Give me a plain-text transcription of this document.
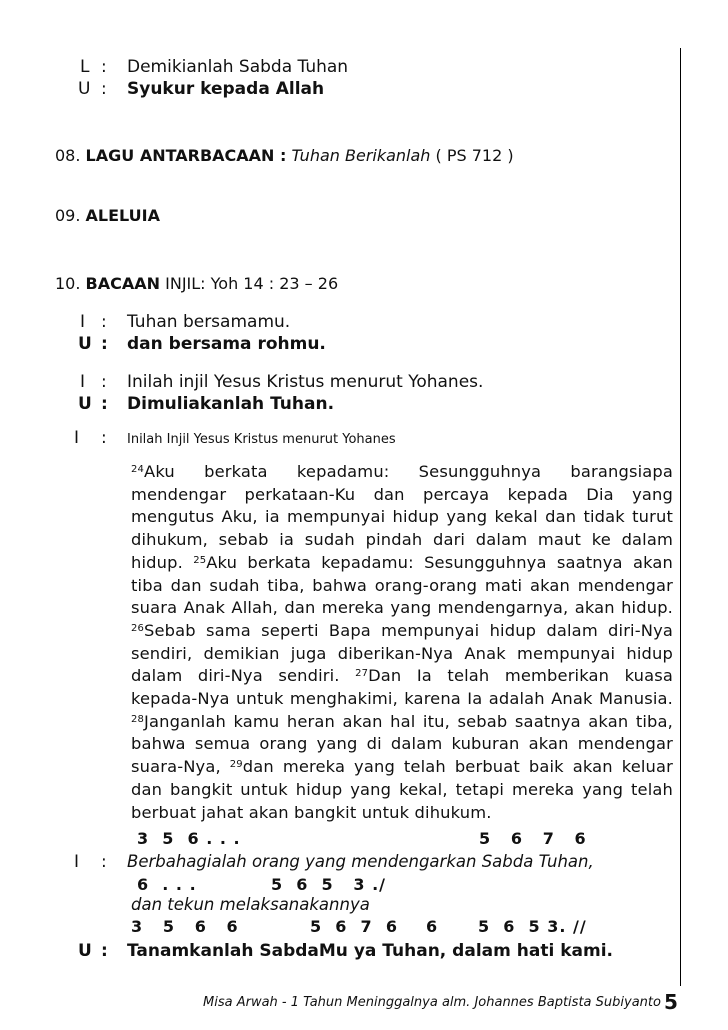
L : Demikianlah Sabda Tuhan
U : Syukur kepada Allah
08. LAGU ANTARBACAAN : Tuhan Berikanlah ( PS 712 )
09. ALELUIA
10. BACAAN INJIL: Yoh 14 : 23 – 26
I : Tuhan bersamamu.
U : dan bersama rohmu.
I : Inilah injil Yesus Kristus menurut Yohanes.
U : Dimuliakanlah Tuhan.
I : Inilah Injil Yesus Kristus menurut Yohanes
$^{24}$Aku berkata kepadamu: Sesungguhnya barangsiapa mendengar perkataan-Ku dan percaya kepada Dia yang mengutus Aku, ia mempunyai hidup yang kekal dan tidak turut dihukum, sebab ia sudah pindah dari dalam maut ke dalam hidup. $^{25}$Aku berkata kepadamu: Sesungguhnya saatnya akan tiba dan sudah tiba, bahwa orang-orang mati akan mendengar suara Anak Allah, dan mereka yang mendengarnya, akan hidup. $^{26}$Sebab sama seperti Bapa mempunyai hidup dalam diri-Nya sendiri, demikian juga diberikan-Nya Anak mempunyai hidup dalam diri-Nya sendiri. $^{27}$Dan Ia telah memberikan kuasa kepada-Nya untuk menghakimi, karena Ia adalah Anak Manusia. $^{28}$Janganlah kamu heran akan hal itu, sebab saatnya akan tiba, bahwa semua orang yang di dalam kuburan akan mendengar suara-Nya, $^{29}$dan mereka yang telah berbuat baik akan keluar dan bangkit untuk hidup yang kekal, tetapi mereka yang telah berbuat jahat akan bangkit untuk dihukum.
3  5  6 . . .	5   6   7   6
I : Berbahagialah orang yang mendengarkan Sabda Tuhan,
6  . . .	5  6  5   3 ./
dan tekun melaksanakannya
3   5   6   6	5  6  7  6 6 5  6  5 3. //
U : Tanamkanlah SabdaMu ya Tuhan, dalam hati kami.
Misa Arwah - 1 Tahun Meninggalnya alm. Johannes Baptista Subiyanto 5
